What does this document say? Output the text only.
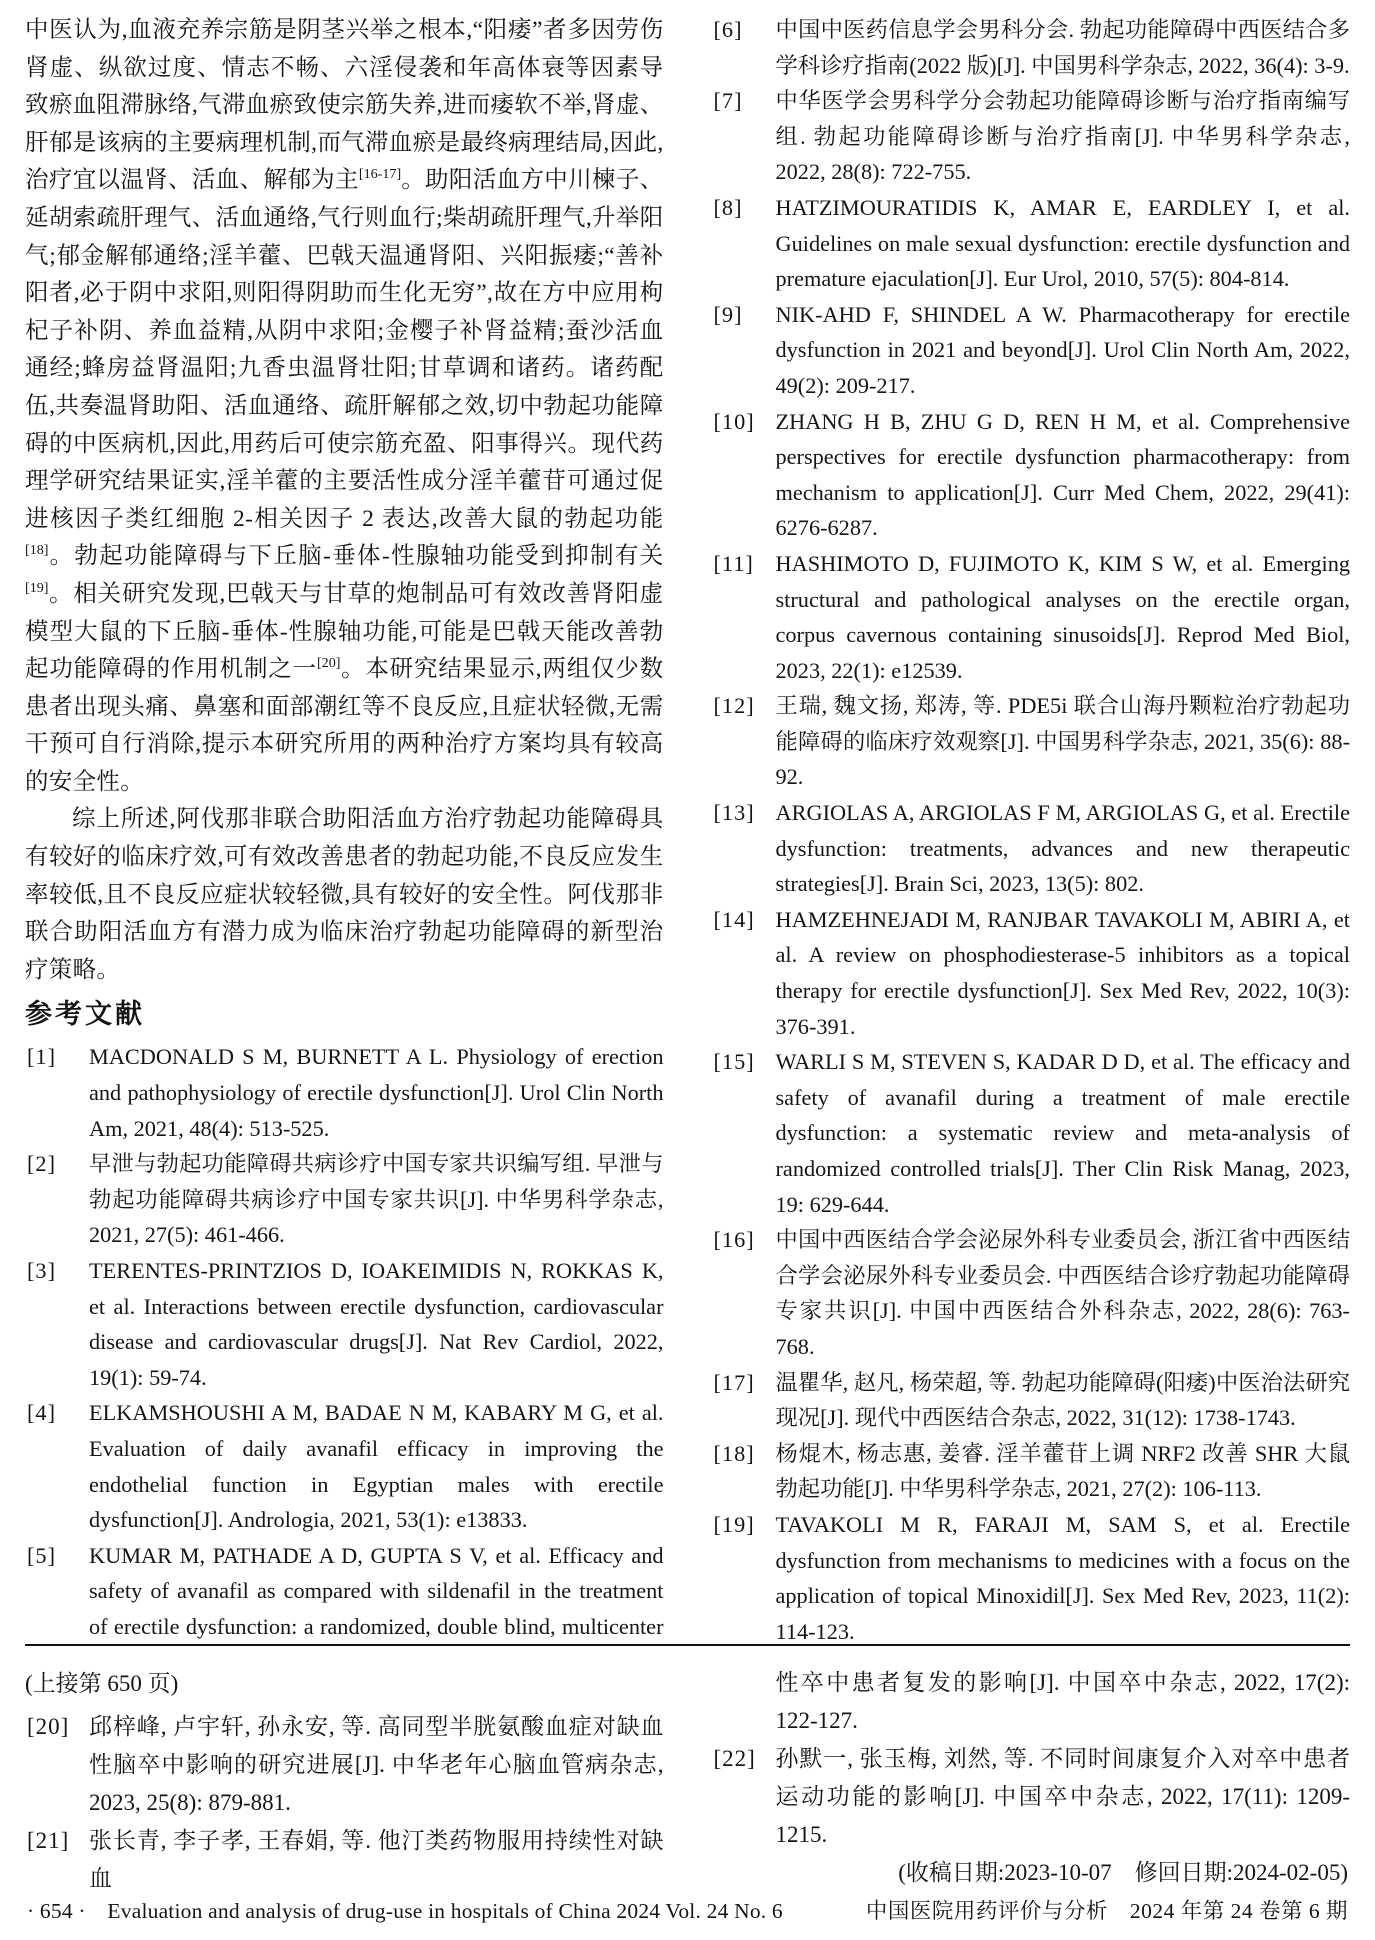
中医认为,血液充养宗筋是阴茎兴举之根本,“阳痿”者多因劳伤肾虚、纵欲过度、情志不畅、六淫侵袭和年高体衰等因素导致瘀血阻滞脉络,气滞血瘀致使宗筋失养,进而痿软不举,肾虚、肝郁是该病的主要病理机制,而气滞血瘀是最终病理结局,因此,治疗宜以温肾、活血、解郁为主[16-17]。助阳活血方中川楝子、延胡索疏肝理气、活血通络,气行则血行;柴胡疏肝理气,升举阳气;郁金解郁通络;淫羊藿、巴戟天温通肾阳、兴阳振痿;“善补阳者,必于阴中求阳,则阳得阴助而生化无穷”,故在方中应用枸杞子补阴、养血益精,从阴中求阳;金樱子补肾益精;蚕沙活血通经;蜂房益肾温阳;九香虫温肾壮阳;甘草调和诸药。诸药配伍,共奏温肾助阳、活血通络、疏肝解郁之效,切中勃起功能障碍的中医病机,因此,用药后可使宗筋充盈、阳事得兴。现代药理学研究结果证实,淫羊藿的主要活性成分淫羊藿苷可通过促进核因子类红细胞 2-相关因子 2 表达,改善大鼠的勃起功能[18]。勃起功能障碍与下丘脑-垂体-性腺轴功能受到抑制有关[19]。相关研究发现,巴戟天与甘草的炮制品可有效改善肾阳虚模型大鼠的下丘脑-垂体-性腺轴功能,可能是巴戟天能改善勃起功能障碍的作用机制之一[20]。本研究结果显示,两组仅少数患者出现头痛、鼻塞和面部潮红等不良反应,且症状轻微,无需干预可自行消除,提示本研究所用的两种治疗方案均具有较高的安全性。

综上所述,阿伐那非联合助阳活血方治疗勃起功能障碍具有较好的临床疗效,可有效改善患者的勃起功能,不良反应发生率较低,且不良反应症状较轻微,具有较好的安全性。阿伐那非联合助阳活血方有潜力成为临床治疗勃起功能障碍的新型治疗策略。

参考文献
[1] MACDONALD S M, BURNETT A L. Physiology of erection and pathophysiology of erectile dysfunction[J]. Urol Clin North Am, 2021, 48(4): 513-525.
[2] 早泄与勃起功能障碍共病诊疗中国专家共识编写组. 早泄与勃起功能障碍共病诊疗中国专家共识[J]. 中华男科学杂志, 2021, 27(5): 461-466.
[3] TERENTES-PRINTZIOS D, IOAKEIMIDIS N, ROKKAS K, et al. Interactions between erectile dysfunction, cardiovascular disease and cardiovascular drugs[J]. Nat Rev Cardiol, 2022, 19(1): 59-74.
[4] ELKAMSHOUSHI A M, BADAE N M, KABARY M G, et al. Evaluation of daily avanafil efficacy in improving the endothelial function in Egyptian males with erectile dysfunction[J]. Andrologia, 2021, 53(1): e13833.
[5] KUMAR M, PATHADE A D, GUPTA S V, et al. Efficacy and safety of avanafil as compared with sildenafil in the treatment of erectile dysfunction: a randomized, double blind, multicenter
[6] 中国中医药信息学会男科分会. 勃起功能障碍中西医结合多学科诊疗指南(2022 版)[J]. 中国男科学杂志, 2022, 36(4): 3-9.
[7] 中华医学会男科学分会勃起功能障碍诊断与治疗指南编写组. 勃起功能障碍诊断与治疗指南[J]. 中华男科学杂志, 2022, 28(8): 722-755.
[8] HATZIMOURATIDIS K, AMAR E, EARDLEY I, et al. Guidelines on male sexual dysfunction: erectile dysfunction and premature ejaculation[J]. Eur Urol, 2010, 57(5): 804-814.
[9] NIK-AHD F, SHINDEL A W. Pharmacotherapy for erectile dysfunction in 2021 and beyond[J]. Urol Clin North Am, 2022, 49(2): 209-217.
[10] ZHANG H B, ZHU G D, REN H M, et al. Comprehensive perspectives for erectile dysfunction pharmacotherapy: from mechanism to application[J]. Curr Med Chem, 2022, 29(41): 6276-6287.
[11] HASHIMOTO D, FUJIMOTO K, KIM S W, et al. Emerging structural and pathological analyses on the erectile organ, corpus cavernous containing sinusoids[J]. Reprod Med Biol, 2023, 22(1): e12539.
[12] 王瑞, 魏文扬, 郑涛, 等. PDE5i 联合山海丹颗粒治疗勃起功能障碍的临床疗效观察[J]. 中国男科学杂志, 2021, 35(6): 88-92.
[13] ARGIOLAS A, ARGIOLAS F M, ARGIOLAS G, et al. Erectile dysfunction: treatments, advances and new therapeutic strategies[J]. Brain Sci, 2023, 13(5): 802.
[14] HAMZEHNEJADI M, RANJBAR TAVAKOLI M, ABIRI A, et al. A review on phosphodiesterase-5 inhibitors as a topical therapy for erectile dysfunction[J]. Sex Med Rev, 2022, 10(3): 376-391.
[15] WARLI S M, STEVEN S, KADAR D D, et al. The efficacy and safety of avanafil during a treatment of male erectile dysfunction: a systematic review and meta-analysis of randomized controlled trials[J]. Ther Clin Risk Manag, 2023, 19: 629-644.
[16] 中国中西医结合学会泌尿外科专业委员会, 浙江省中西医结合学会泌尿外科专业委员会. 中西医结合诊疗勃起功能障碍专家共识[J]. 中国中西医结合外科杂志, 2022, 28(6): 763-768.
[17] 温瞿华, 赵凡, 杨荣超, 等. 勃起功能障碍(阳痿)中医治法研究现况[J]. 现代中西医结合杂志, 2022, 31(12): 1738-1743.
[18] 杨焜木, 杨志惠, 姜睿. 淫羊藿苷上调 NRF2 改善 SHR 大鼠勃起功能[J]. 中华男科学杂志, 2021, 27(2): 106-113.
[19] TAVAKOLI M R, FARAJI M, SAM S, et al. Erectile dysfunction from mechanisms to medicines with a focus on the application of topical Minoxidil[J]. Sex Med Rev, 2023, 11(2): 114-123.
(上接第 650 页)
[20] 邱梓峰, 卢宇轩, 孙永安, 等. 高同型半胱氨酸血症对缺血性脑卒中影响的研究进展[J]. 中华老年心脑血管病杂志, 2023, 25(8): 879-881.
[21] 张长青, 李子孝, 王春娟, 等. 他汀类药物服用持续性对缺血
性卒中患者复发的影响[J]. 中国卒中杂志, 2022, 17(2): 122-127.
[22] 孙默一, 张玉梅, 刘然, 等. 不同时间康复介入对卒中患者运动功能的影响[J]. 中国卒中杂志, 2022, 17(11): 1209-1215.
(收稿日期:2023-10-07　修回日期:2024-02-05)
· 654 ·　Evaluation and analysis of drug-use in hospitals of China 2024 Vol. 24 No. 6	中国医院用药评价与分析　2024 年第 24 卷第 6 期
